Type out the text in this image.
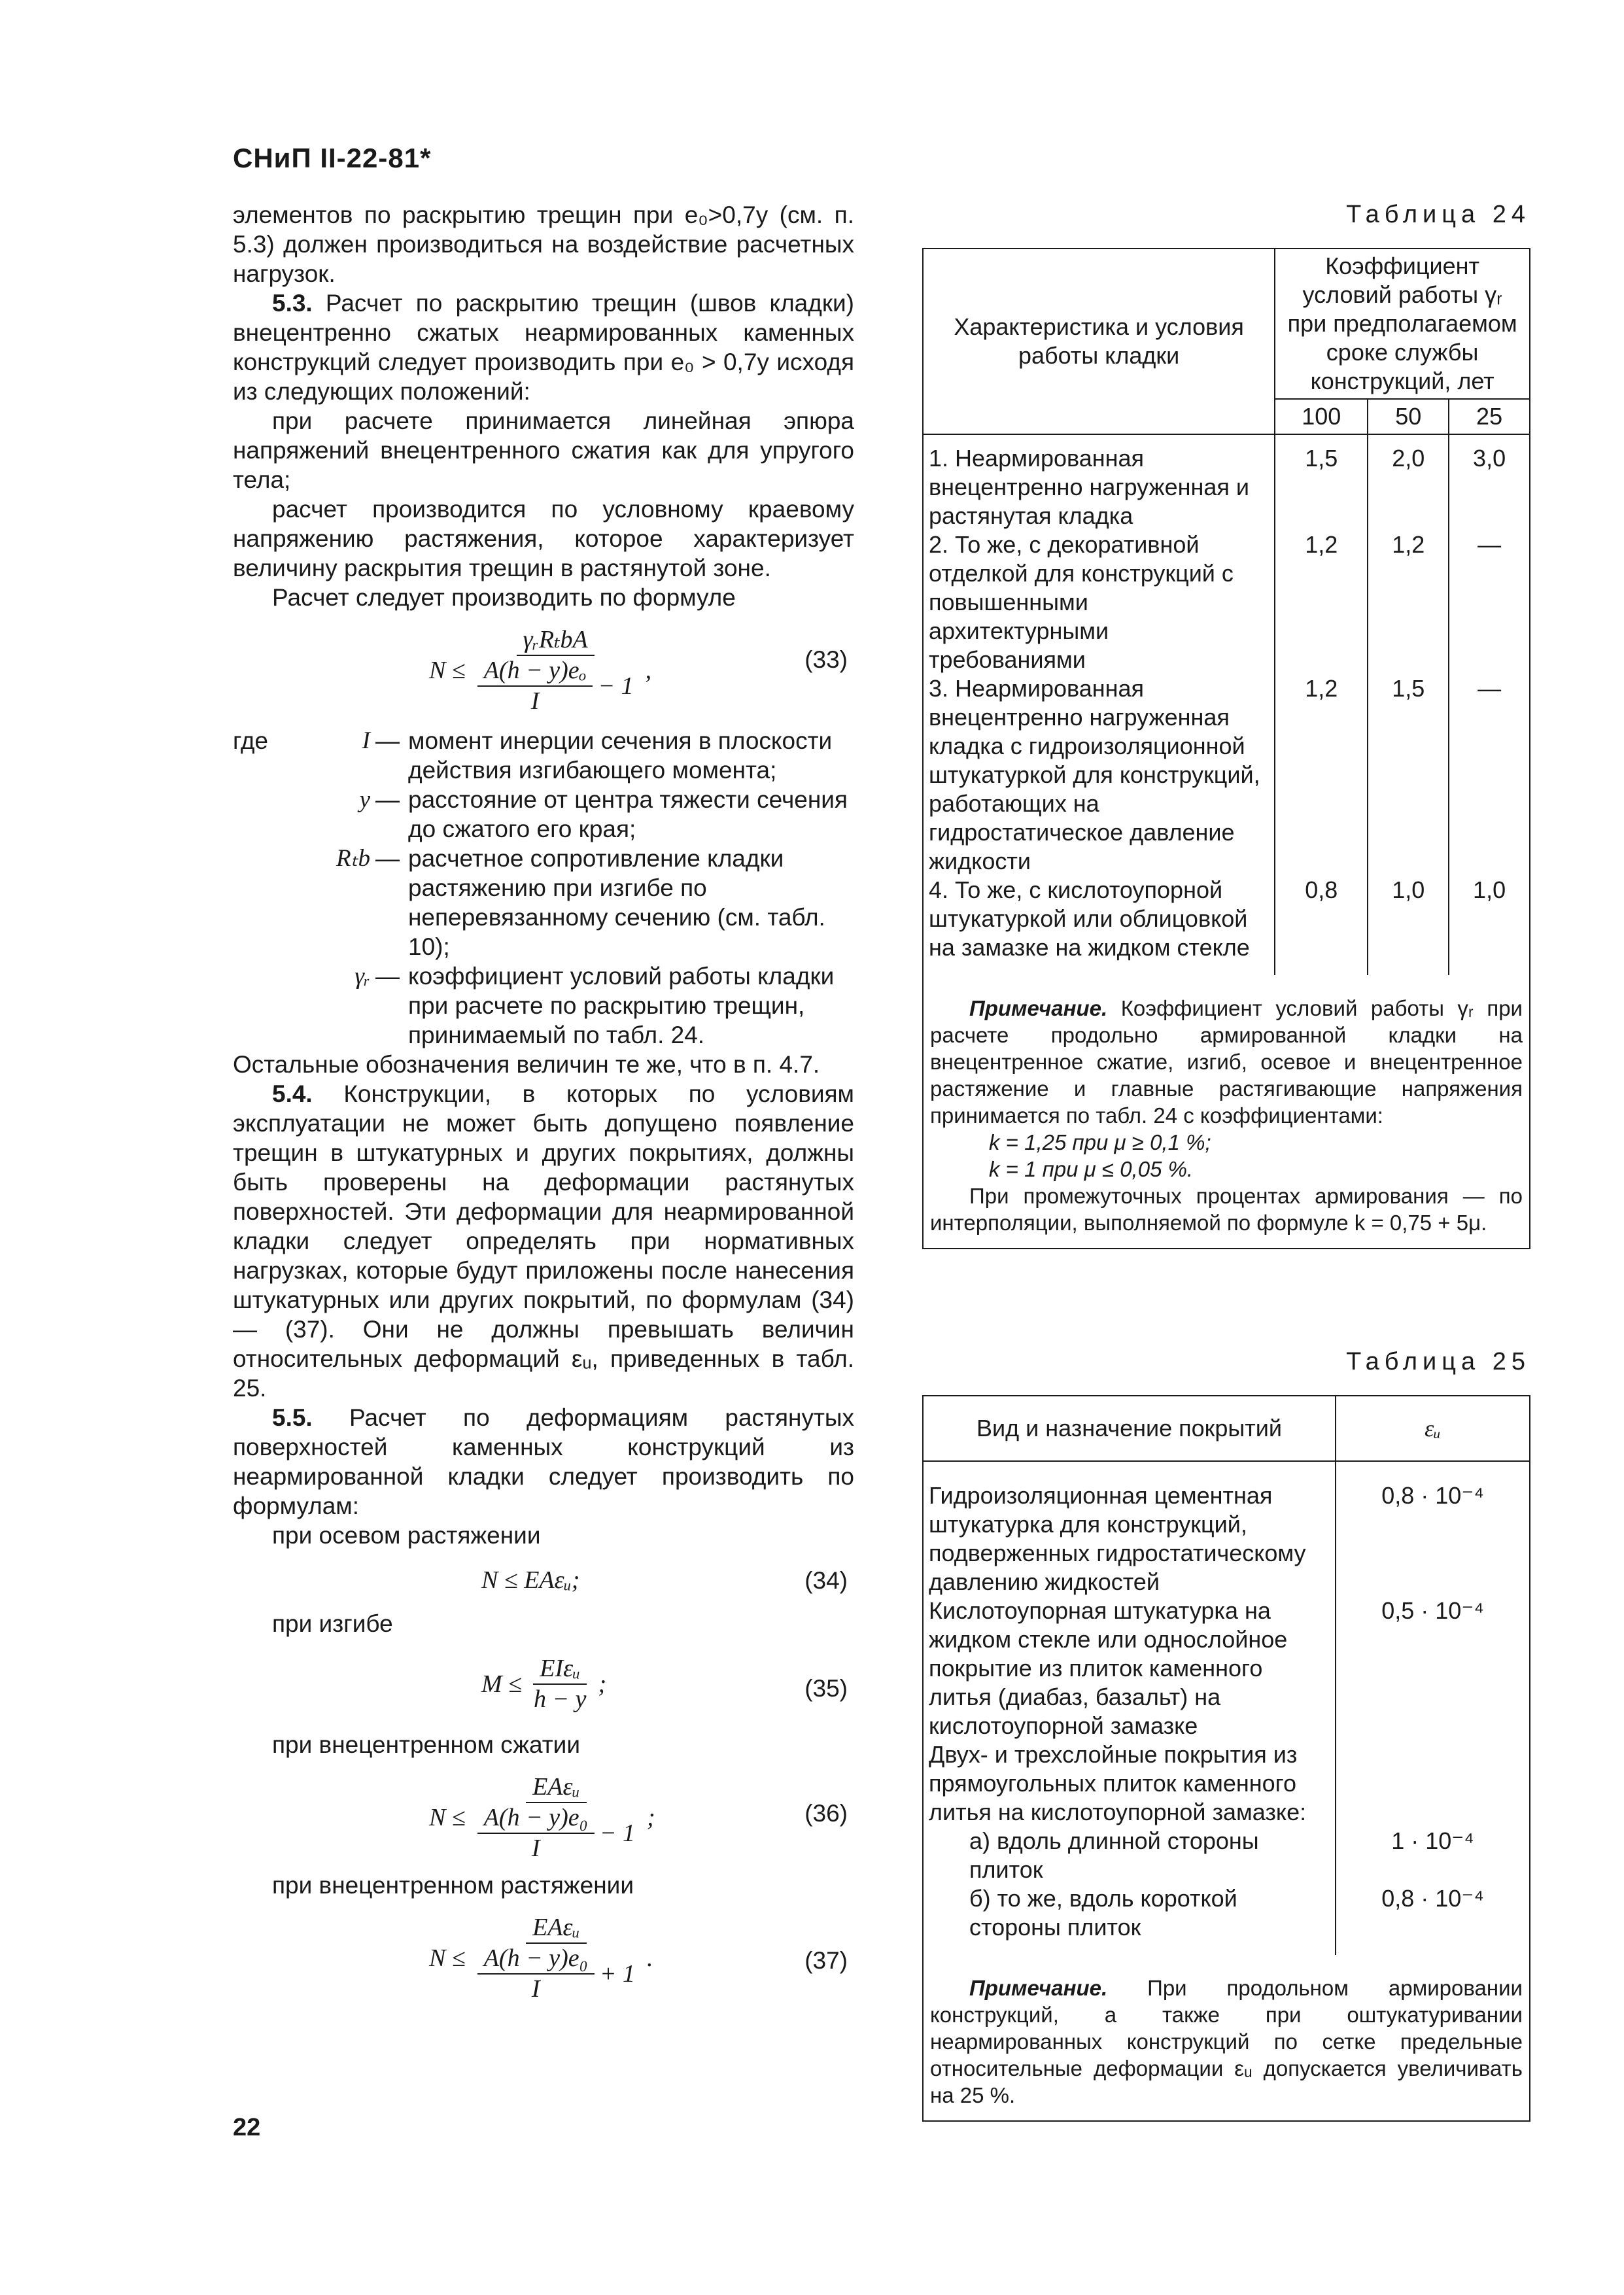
СНиП II-22-81*

элементов по раскрытию трещин при e₀>0,7y (см. п. 5.3) должен производиться на воздействие расчетных нагрузок.

5.3. Расчет по раскрытию трещин (швов кладки) внецентренно сжатых неармированных каменных конструкций следует производить при e₀ > 0,7y исходя из следующих положений:

при расчете принимается линейная эпюра напряжений внецентренного сжатия как для упругого тела;

расчет производится по условному краевому напряжению растяжения, которое характеризует величину раскрытия трещин в растянутой зоне.

Расчет следует производить по формуле

$N \le \frac{\text{γᵣRₜbA}}{\frac{\text{A(h − y)eₒ}}{I} - 1}$ ,	(33)
где	I	—	момент инерции сечения в плоскости действия изгибающего момента;
	y	—	расстояние от центра тяжести сечения до сжатого его края;
	Rₜb	—	расчетное сопротивление кладки растяжению при изгибе по неперевязанному сечению (см. табл. 10);
	γᵣ	—	коэффициент условий работы кладки при расчете по раскрытию трещин, принимаемый по табл. 24.

Остальные обозначения величин те же, что в п. 4.7.

5.4. Конструкции, в которых по условиям эксплуатации не может быть допущено появление трещин в штукатурных и других покрытиях, должны быть проверены на деформации растянутых поверхностей. Эти деформации для неармированной кладки следует определять при нормативных нагрузках, которые будут приложены после нанесения штукатурных или других покрытий, по формулам (34) — (37). Они не должны превышать величин относительных деформаций εᵤ, приведенных в табл. 25.

5.5. Расчет по деформациям растянутых поверхностей каменных конструкций из неармированной кладки следует производить по формулам:

при осевом растяжении

N ≤ EAεᵤ;	(34)

при изгибе

$M \le \frac{\text{EIεᵤ}}{h - y}$ ;	(35)

при внецентренном сжатии

$N \le \frac{\text{EAεᵤ}}{\frac{\text{A(h − y)e₀}}{I} - 1}$ ;	(36)

при внецентренном растяжении

$N \le \frac{\text{EAεᵤ}}{\frac{\text{A(h − y)e₀}}{I} + 1}$ .	(37)
Таблица 24
Характеристика и условия работы кладки	Коэффициент условий работы γᵣ при предполагаемом сроке службы конструкций, лет		
	100	50	25
1. Неармированная внецентренно нагруженная и растянутая кладка	1,5	2,0	3,0
2. То же, с декоративной отделкой для конструкций с повышенными архитектурными требованиями	1,2	1,2	—
3. Неармированная внецентренно нагруженная кладка с гидроизоляционной штукатуркой для конструкций, работающих на гидростатическое давление жидкости	1,2	1,5	—
4. То же, с кислотоупорной штукатуркой или облицовкой на замазке на жидком стекле	0,8	1,0	1,0

Примечание. Коэффициент условий работы γᵣ при расчете продольно армированной кладки на внецентренное сжатие, изгиб, осевое и внецентренное растяжение и главные растягивающие напряжения принимается по табл. 24 с коэффициентами:

k = 1,25 при μ ≥ 0,1 %;

k = 1 при μ ≤ 0,05 %.

При промежуточных процентах армирования — по интерполяции, выполняемой по формуле k = 0,75 + 5μ.

Таблица 25
Вид и назначение покрытий	εᵤ
Гидроизоляционная цементная штукатурка для конструкций, подверженных гидростатическому давлению жидкостей	0,8 · 10⁻⁴
Кислотоупорная штукатурка на жидком стекле или однослойное покрытие из плиток каменного литья (диабаз, базальт) на кислотоупорной замазке	0,5 · 10⁻⁴
Двух- и трехслойные покрытия из прямоугольных плиток каменного литья на кислотоупорной замазке:	
а) вдоль длинной стороны плиток	1 · 10⁻⁴
б) то же, вдоль короткой стороны плиток	0,8 · 10⁻⁴

Примечание. При продольном армировании конструкций, а также при оштукатуривании неармированных конструкций по сетке предельные относительные деформации εᵤ допускается увеличивать на 25 %.

22
